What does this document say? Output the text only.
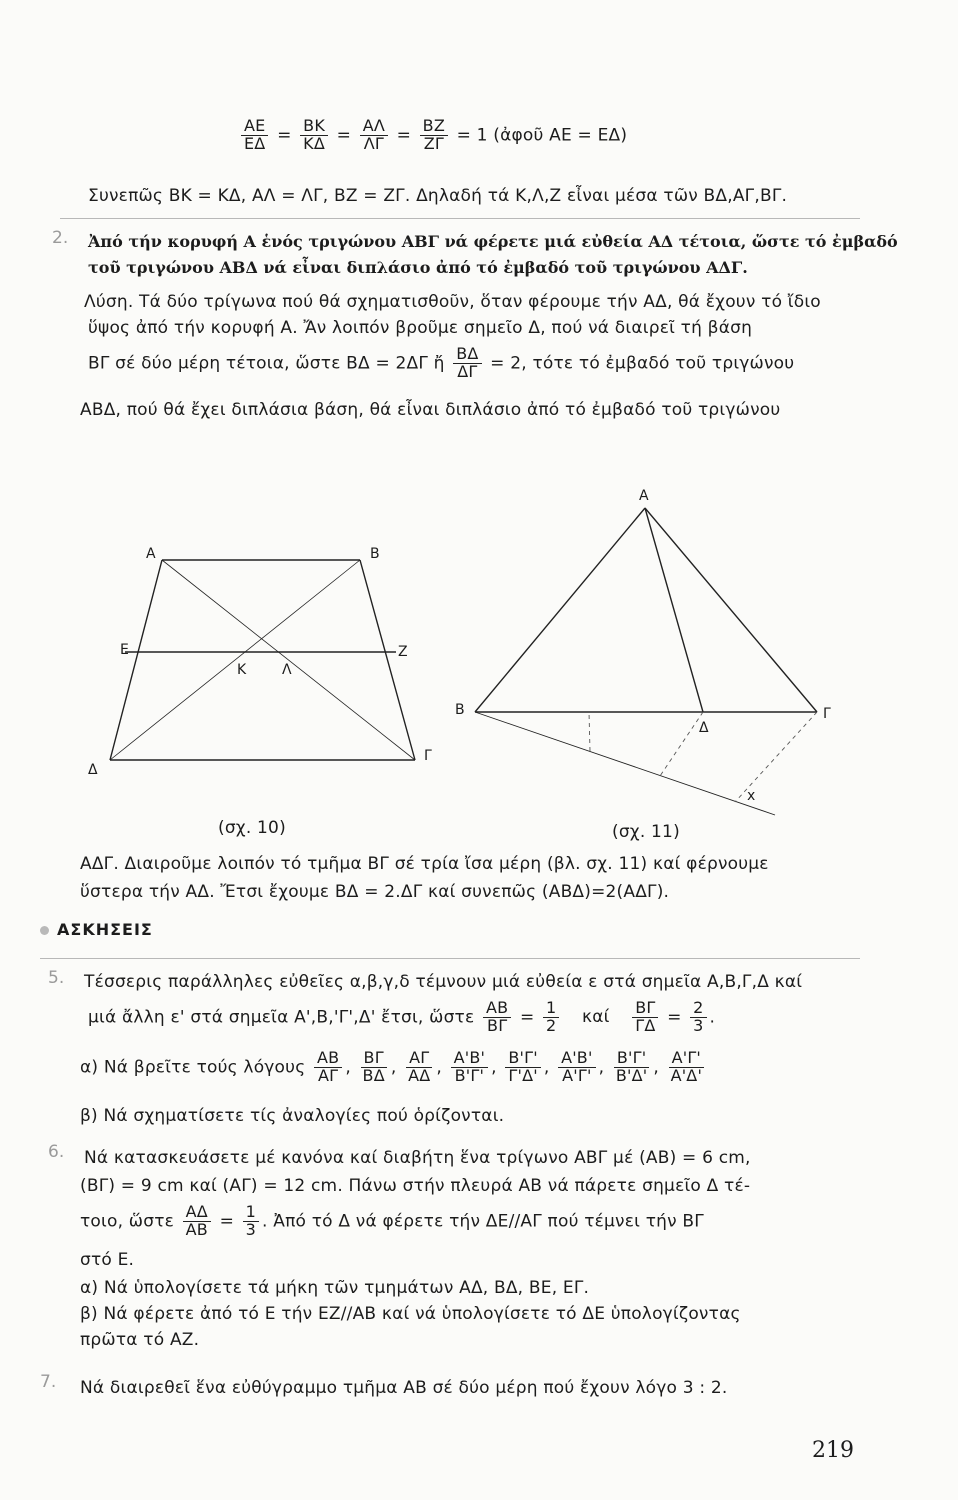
$\frac{AE}{E\Delta} = \frac{BK}{K\Delta} = \frac{A\Lambda}{\Lambda\Gamma} = \frac{BZ}{Z\Gamma} = 1$ (ἀφοῦ ΑΕ = ΕΔ)
Συνεπῶς ΒΚ = ΚΔ, ΑΛ = ΛΓ, ΒΖ = ΖΓ. Δηλαδή τά Κ,Λ,Ζ εἶναι μέσα τῶν ΒΔ,ΑΓ,ΒΓ.
2. Ἀπό τήν κορυφή Α ἑνός τριγώνου ΑΒΓ νά φέρετε μιά εὐθεία ΑΔ τέτοια, ὥστε τό ἐμβαδό
τοῦ τριγώνου ΑΒΔ νά εἶναι διπλάσιο ἀπό τό ἐμβαδό τοῦ τριγώνου ΑΔΓ.
Λύση. Τά δύο τρίγωνα πού θά σχηματισθοῦν, ὅταν φέρουμε τήν ΑΔ, θά ἔχουν τό ἴδιο
ὕψος ἀπό τήν κορυφή Α. Ἄν λοιπόν βροῦμε σημεῖο Δ, πού νά διαιρεῖ τή βάση
ΒΓ σέ δύο μέρη τέτοια, ὥστε ΒΔ = 2ΔΓ ἤ $\frac{B\Delta}{\Delta\Gamma} = 2$, τότε τό ἐμβαδό τοῦ τριγώνου
ΑΒΔ, πού θά ἔχει διπλάσια βάση, θά εἶναι διπλάσιο ἀπό τό ἐμβαδό τοῦ τριγώνου
Α	Β
Ε	Ζ
Κ	Λ
Δ
Γ
(σχ. 10)
Α
Β	Γ
Δ
x
(σχ. 11)
ΑΔΓ. Διαιροῦμε λοιπόν τό τμῆμα ΒΓ σέ τρία ἴσα μέρη (βλ. σχ. 11) καί φέρνουμε
ὕστερα τήν ΑΔ. Ἔτσι ἔχουμε ΒΔ = 2.ΔΓ καί συνεπῶς (ΑΒΔ)=2(ΑΔΓ).
ΑΣΚΗΣΕΙΣ
5. Τέσσερις παράλληλες εὐθεῖες α,β,γ,δ τέμνουν μιά εὐθεία ε στά σημεῖα Α,Β,Γ,Δ καί
μιά ἄλλη ε' στά σημεῖα Α',Β,'Γ',Δ' ἔτσι, ὥστε $\frac{AB}{B\Gamma} = \frac{1}{2}$ καί $\frac{B\Gamma}{\Gamma\Delta} = \frac{2}{3}$ .
α) Νά βρεῖτε τούς λόγους $\frac{AB}{A\Gamma}$ , $\frac{B\Gamma}{B\Delta}$ , $\frac{A\Gamma}{A\Delta}$ , $\frac{A'B'}{B'\Gamma'}$ , $\frac{B'\Gamma'}{\Gamma'\Delta'}$ , $\frac{A'B'}{A'\Gamma'}$ , $\frac{B'\Gamma'}{B'\Delta'}$ , $\frac{A'\Gamma'}{A'\Delta'}$
β) Νά σχηματίσετε τίς ἀναλογίες πού ὁρίζονται.
6. Νά κατασκευάσετε μέ κανόνα καί διαβήτη ἕνα τρίγωνο ΑΒΓ μέ (ΑΒ) = 6 cm,
(ΒΓ) = 9 cm καί (ΑΓ) = 12 cm. Πάνω στήν πλευρά ΑΒ νά πάρετε σημεῖο Δ τέ-
τοιο, ὥστε $\frac{A\Delta}{AB} = \frac{1}{3}$ . Ἀπό τό Δ νά φέρετε τήν ΔΕ//ΑΓ πού τέμνει τήν ΒΓ
στό Ε.
α) Νά ὑπολογίσετε τά μήκη τῶν τμημάτων ΑΔ, ΒΔ, ΒΕ, ΕΓ.
β) Νά φέρετε ἀπό τό Ε τήν ΕΖ//ΑΒ καί νά ὑπολογίσετε τό ΔΕ ὑπολογίζοντας
πρῶτα τό ΑΖ.
7. Νά διαιρεθεῖ ἕνα εὐθύγραμμο τμῆμα ΑΒ σέ δύο μέρη πού ἔχουν λόγο 3 : 2.
219
